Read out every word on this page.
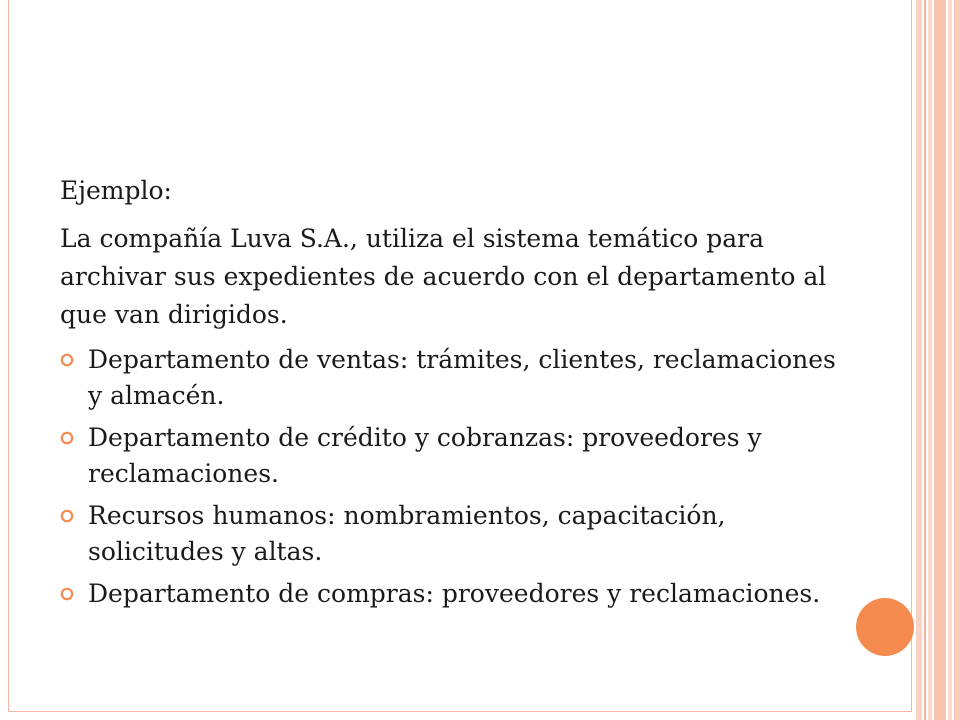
Ejemplo:

La compañía Luva S.A., utiliza el sistema temático para archivar sus expedientes de acuerdo con el departamento al que van dirigidos.

Departamento de ventas: trámites, clientes, reclamaciones y almacén.
Departamento de crédito y cobranzas: proveedores y reclamaciones.
Recursos humanos: nombramientos, capacitación, solicitudes y altas.
Departamento de compras: proveedores y reclamaciones.
